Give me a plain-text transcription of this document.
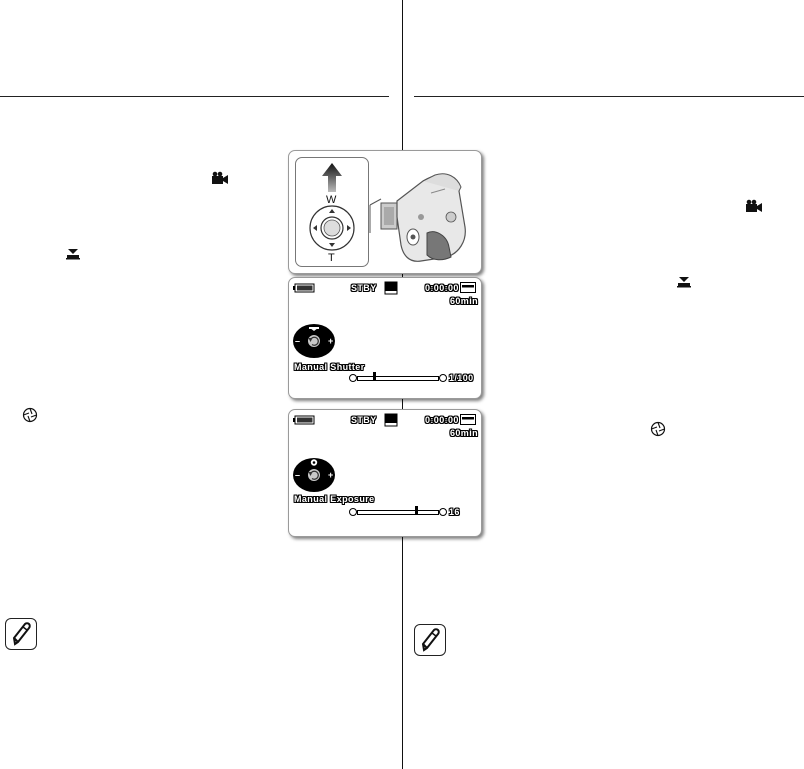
W
T
STBY	0:00:00
60min
–	+
Manual Shutter
1/100
STBY	0:00:00
60min
–	+
Manual Exposure
16
